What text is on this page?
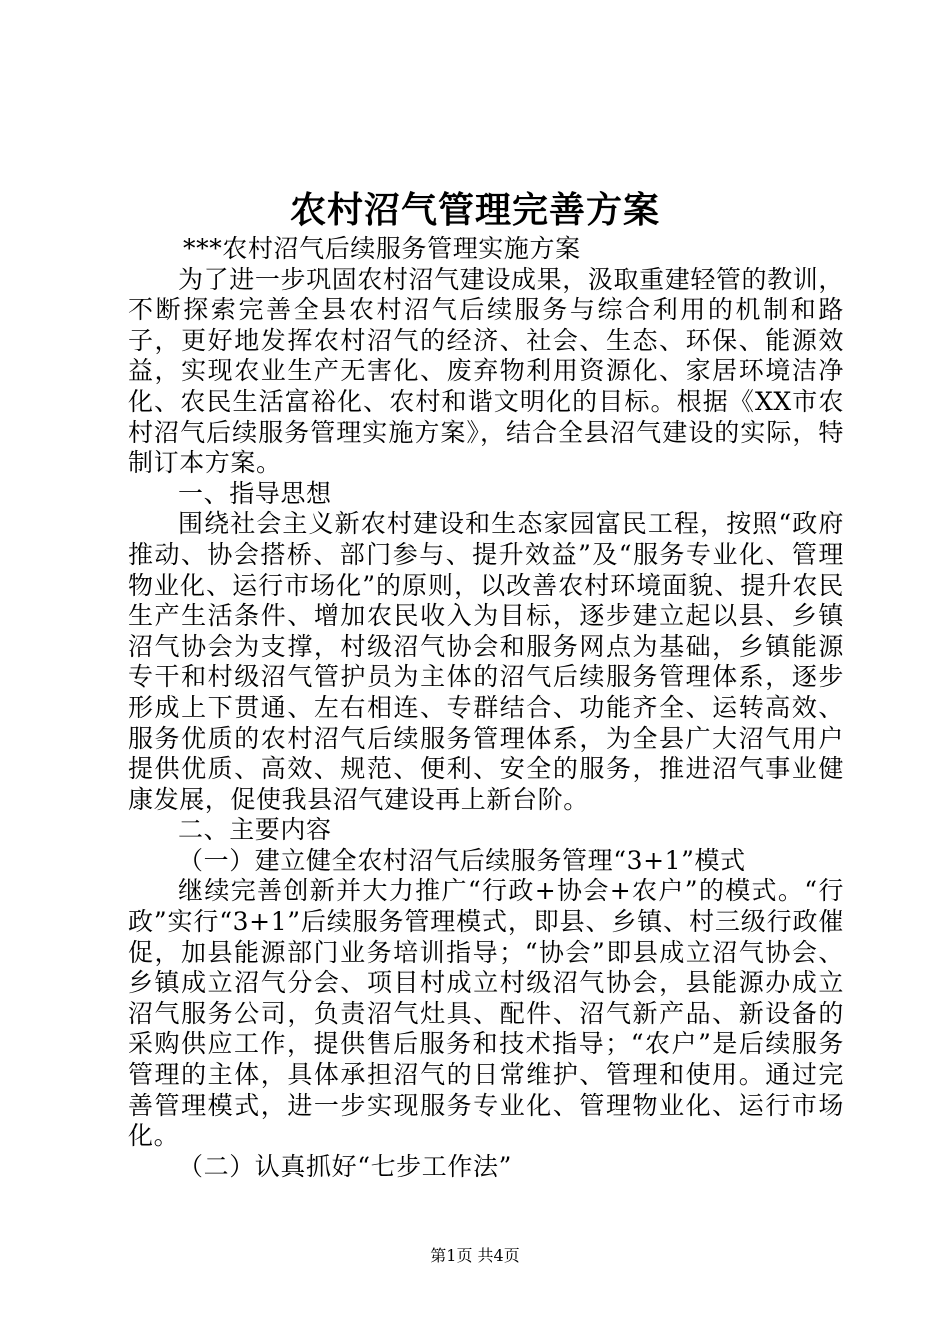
农村沼气管理完善方案

***农村沼气后续服务管理实施方案

为了进一步巩固农村沼气建设成果，汲取重建轻管的教训，不断探索完善全县农村沼气后续服务与综合利用的机制和路子，更好地发挥农村沼气的经济、社会、生态、环保、能源效益，实现农业生产无害化、废弃物利用资源化、家居环境洁净化、农民生活富裕化、农村和谐文明化的目标。根据《XX市农村沼气后续服务管理实施方案》，结合全县沼气建设的实际，特制订本方案。

一、指导思想

围绕社会主义新农村建设和生态家园富民工程，按照“政府推动、协会搭桥、部门参与、提升效益”及“服务专业化、管理物业化、运行市场化”的原则，以改善农村环境面貌、提升农民生产生活条件、增加农民收入为目标，逐步建立起以县、乡镇沼气协会为支撑，村级沼气协会和服务网点为基础，乡镇能源专干和村级沼气管护员为主体的沼气后续服务管理体系，逐步形成上下贯通、左右相连、专群结合、功能齐全、运转高效、服务优质的农村沼气后续服务管理体系，为全县广大沼气用户提供优质、高效、规范、便利、安全的服务，推进沼气事业健康发展，促使我县沼气建设再上新台阶。

二、主要内容

（一）建立健全农村沼气后续服务管理“3+1”模式

继续完善创新并大力推广“行政+协会+农户”的模式。“行政”实行“3+1”后续服务管理模式，即县、乡镇、村三级行政催促，加县能源部门业务培训指导；“协会”即县成立沼气协会、乡镇成立沼气分会、项目村成立村级沼气协会，县能源办成立沼气服务公司，负责沼气灶具、配件、沼气新产品、新设备的采购供应工作，提供售后服务和技术指导；“农户”是后续服务管理的主体，具体承担沼气的日常维护、管理和使用。通过完善管理模式，进一步实现服务专业化、管理物业化、运行市场化。

（二）认真抓好“七步工作法”

第1页 共4页
